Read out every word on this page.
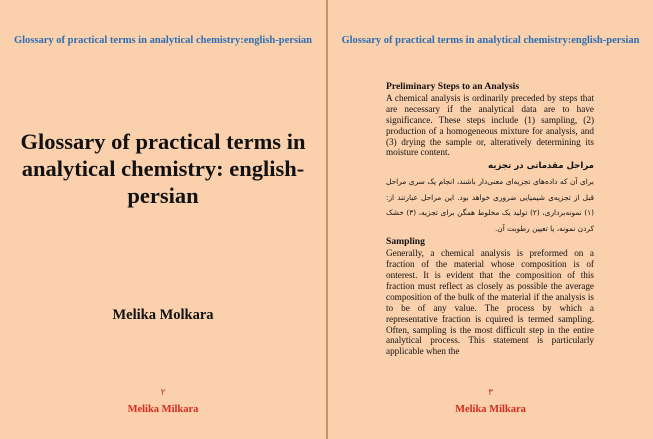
Glossary of practical terms in analytical chemistry:english-persian
Glossary of practical terms in analytical chemistry: english-persian
Melika Molkara
۲
Melika Milkara
Glossary of practical terms in analytical chemistry:english-persian
Preliminary Steps to an Analysis
A chemical analysis is ordinarily preceded by steps that are necessary if the analytical data are to have significance. These steps include (1) sampling, (2) production of a homogeneous mixture for analysis, and (3) drying the sample or, alteratively determining its moisture content.
مراحل مقدماتی در تجزیه
برای آن که داده‌های تجزیه‌ای معنی‌دار باشند، انجام یک سری مراحل قبل از تجزیه‌ی شیمیایی ضروری خواهد بود. این مراحل عبارتند از: (۱) نمونه‌برداری، (۲) تولید یک مخلوط همگن برای تجزیه، (۳) خشک کردن نمونه، یا تعیین رطوبت آن.
Sampling
Generally, a chemical analysis is preformed on a fraction of the material whose composition is of onterest. It is evident that the composition of this fraction must reflect as closely as possible the average composition of the bulk of the material if the analysis is to be of any value. The process by which a representative fraction is cquired is termed sampling. Often, sampling is the most difficult step in the entire analytical process. This statement is particularly applicable when the
۳
Melika Milkara
